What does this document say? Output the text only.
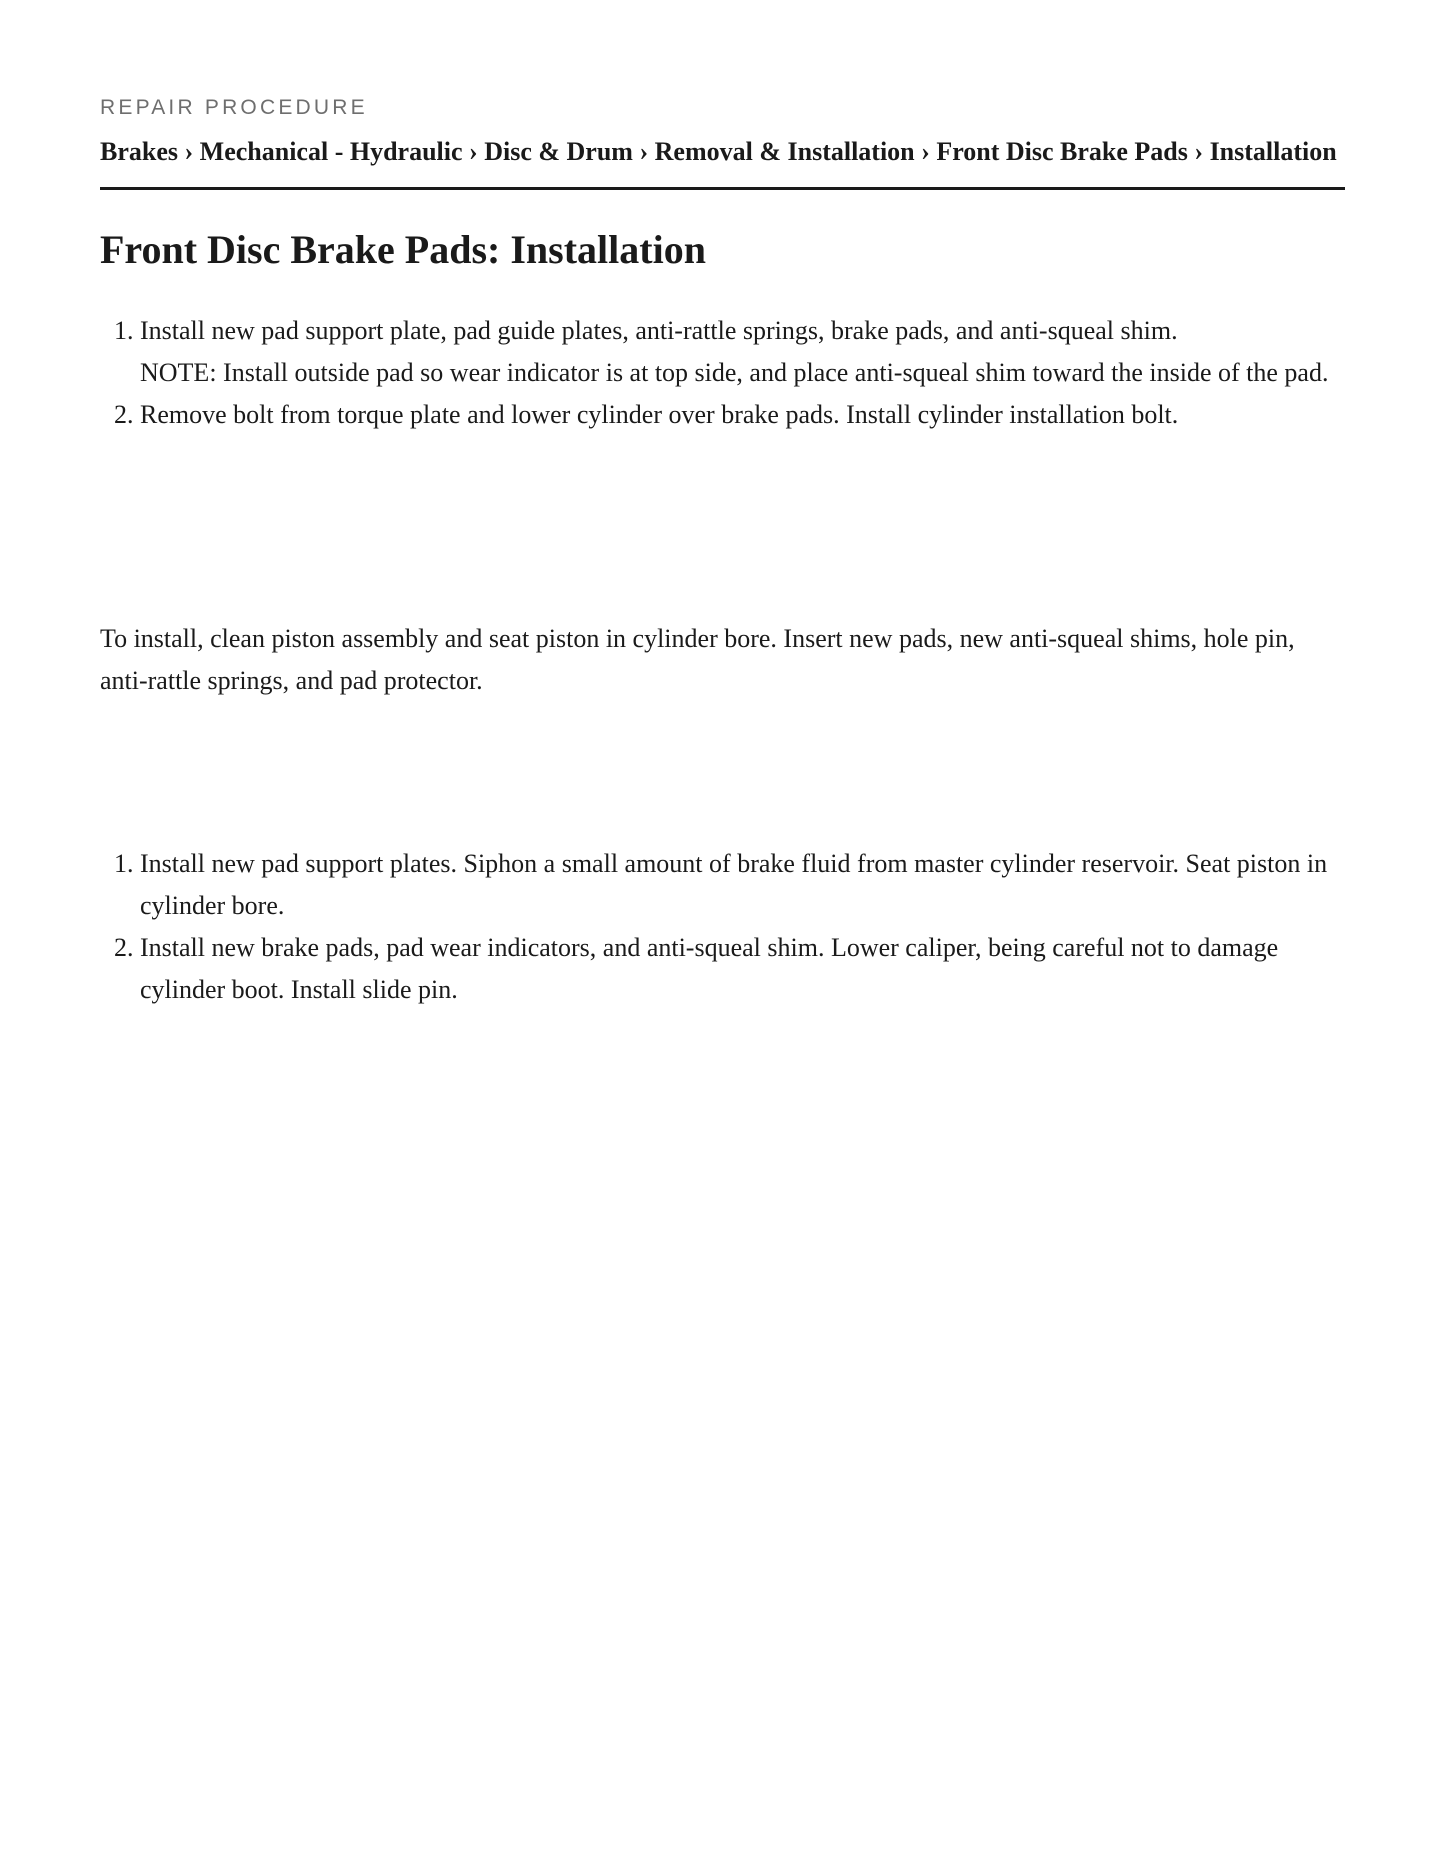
REPAIR PROCEDURE
Brakes › Mechanical - Hydraulic › Disc & Drum › Removal & Installation › Front Disc Brake Pads › Installation
Front Disc Brake Pads: Installation
1. Install new pad support plate, pad guide plates, anti-rattle springs, brake pads, and anti-squeal shim.
NOTE: Install outside pad so wear indicator is at top side, and place anti-squeal shim toward the inside of the pad.
2. Remove bolt from torque plate and lower cylinder over brake pads. Install cylinder installation bolt.

To install, clean piston assembly and seat piston in cylinder bore. Insert new pads, new anti-squeal shims, hole pin, anti-rattle springs, and pad protector.

1. Install new pad support plates. Siphon a small amount of brake fluid from master cylinder reservoir. Seat piston in cylinder bore.
2. Install new brake pads, pad wear indicators, and anti-squeal shim. Lower caliper, being careful not to damage cylinder boot. Install slide pin.
